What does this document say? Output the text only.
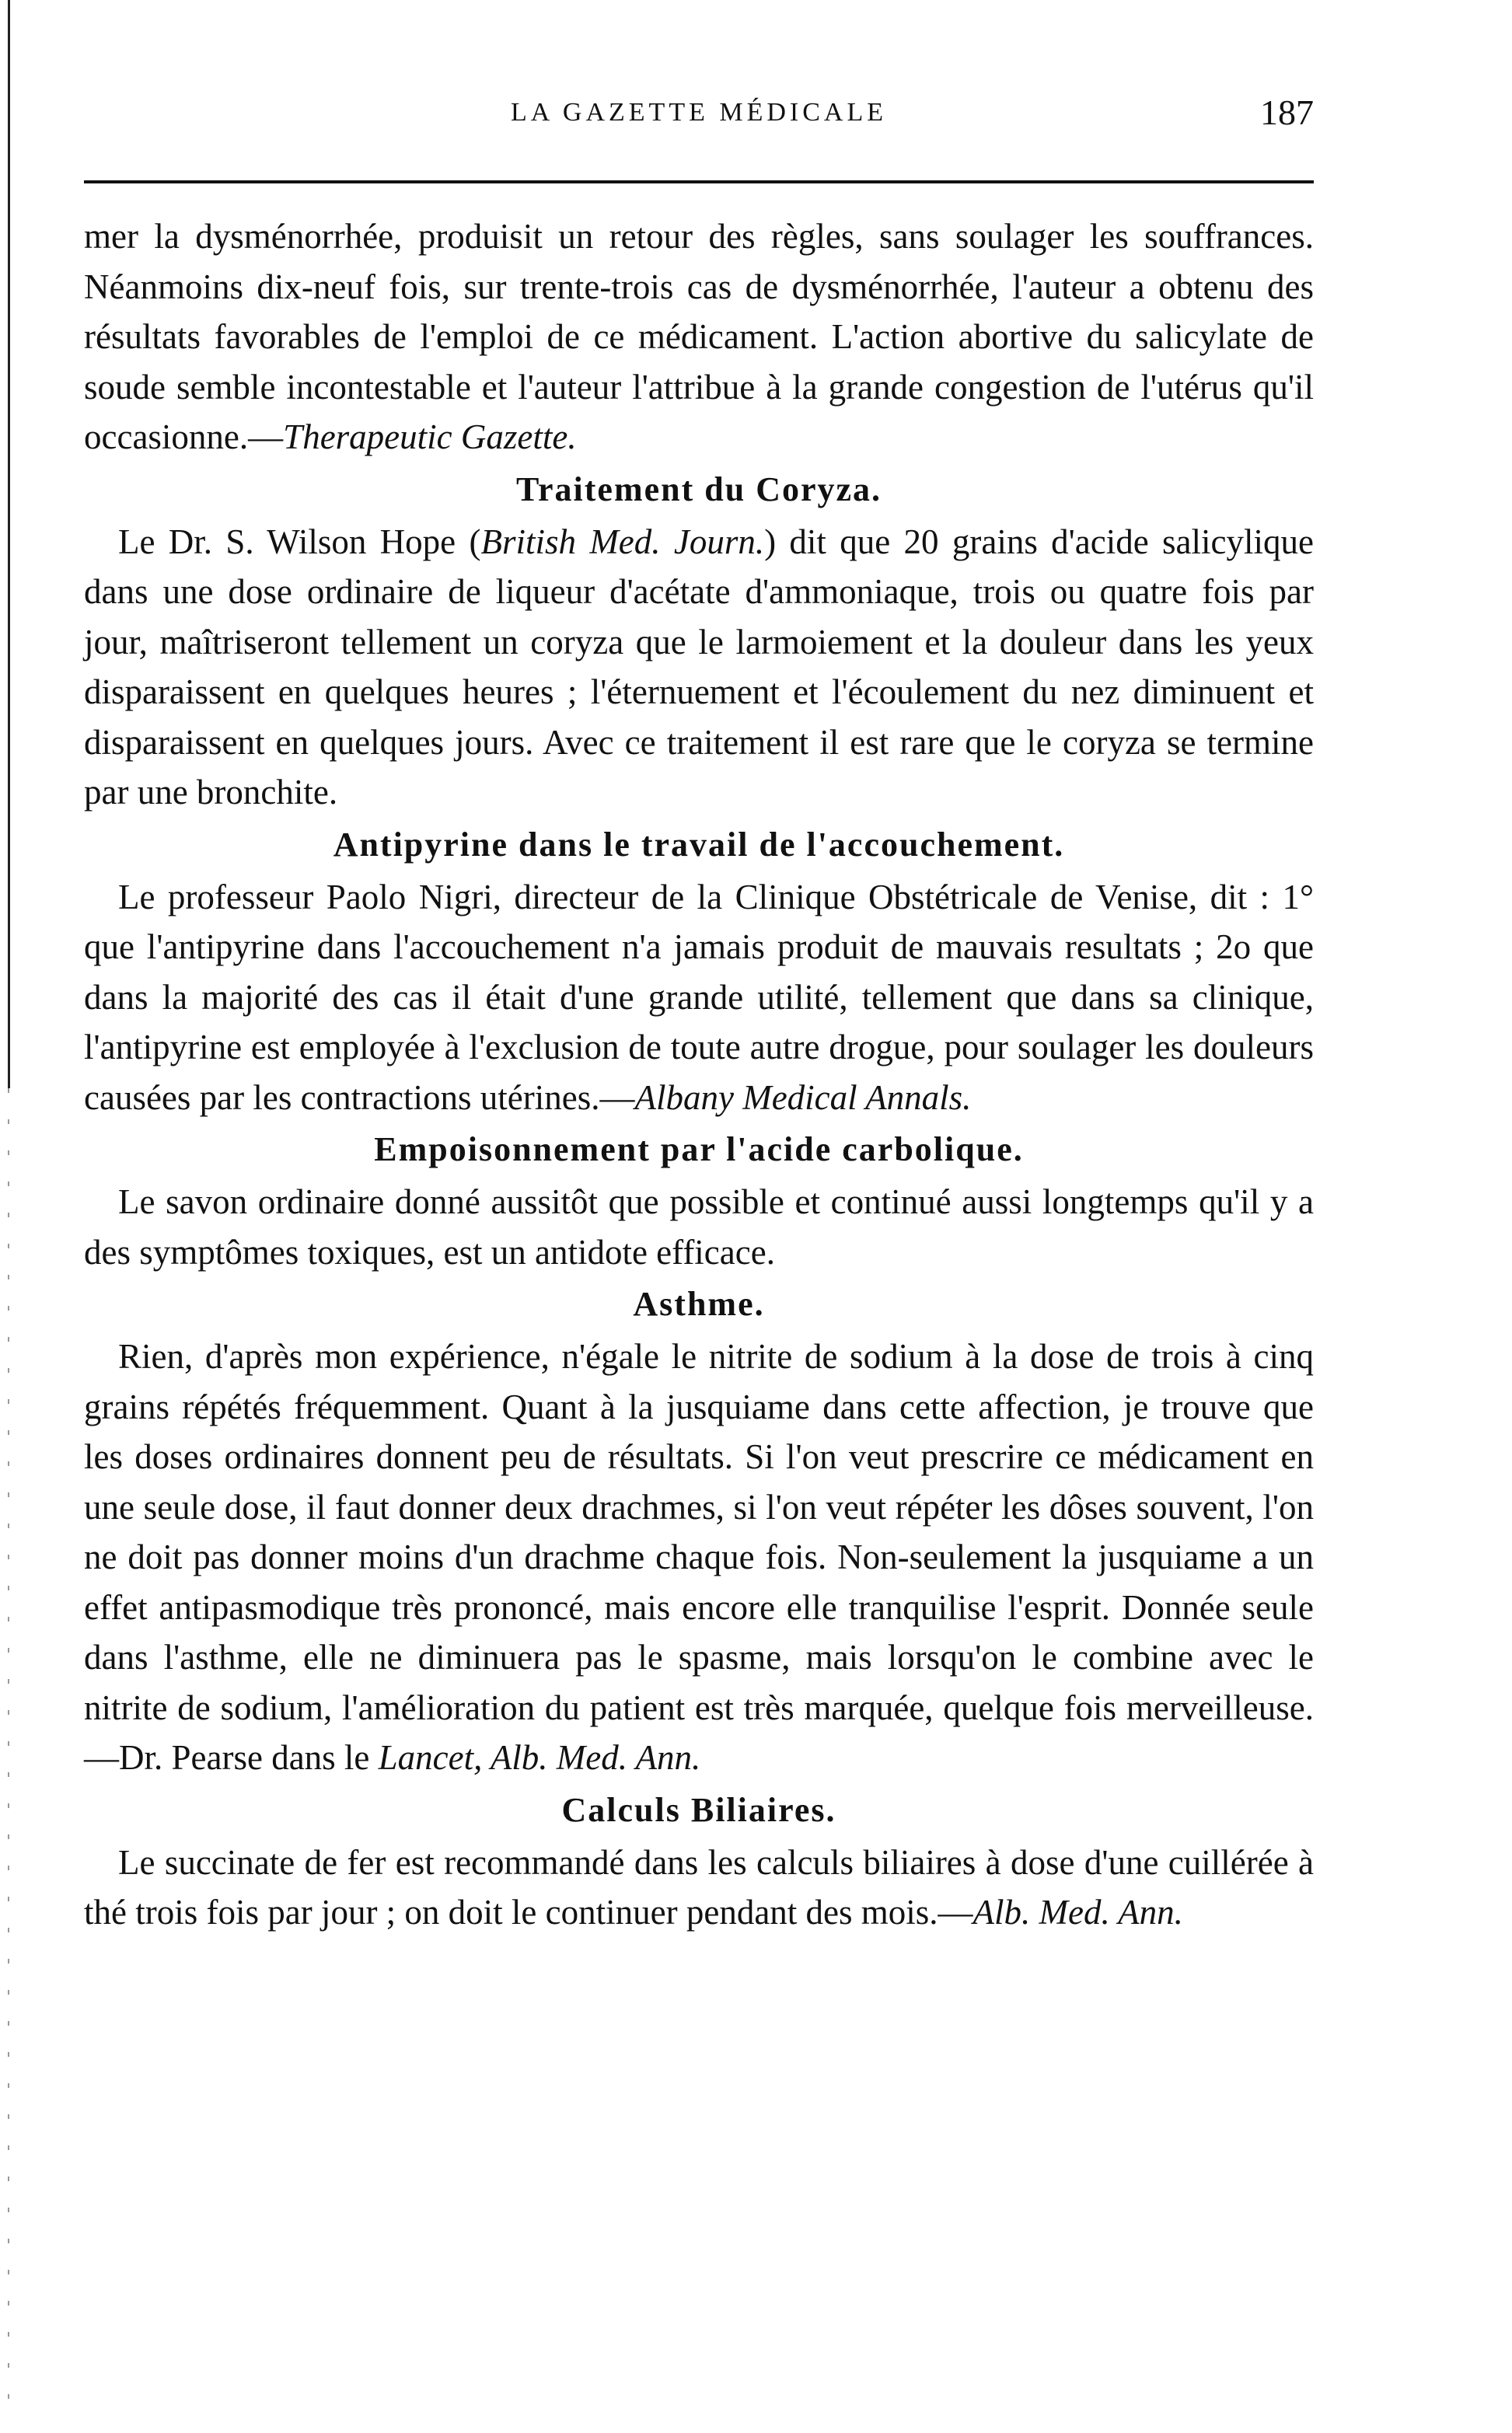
LA GAZETTE MÉDICALE	187

mer la dysménorrhée, produisit un retour des règles, sans soulager les souffrances. Néanmoins dix-neuf fois, sur trente-trois cas de dysménorrhée, l'auteur a obtenu des résultats favorables de l'emploi de ce médicament. L'action abortive du salicylate de soude semble incontestable et l'auteur l'attribue à la grande congestion de l'utérus qu'il occasionne.—Therapeutic Gazette.

Traitement du Coryza.

Le Dr. S. Wilson Hope (British Med. Journ.) dit que 20 grains d'acide salicylique dans une dose ordinaire de liqueur d'acétate d'ammoniaque, trois ou quatre fois par jour, maîtriseront tellement un coryza que le larmoiement et la douleur dans les yeux disparaissent en quelques heures ; l'éternuement et l'écoulement du nez diminuent et disparaissent en quelques jours. Avec ce traitement il est rare que le coryza se termine par une bronchite.

Antipyrine dans le travail de l'accouchement.

Le professeur Paolo Nigri, directeur de la Clinique Obstétricale de Venise, dit : 1° que l'antipyrine dans l'accouchement n'a jamais produit de mauvais resultats ; 2o que dans la majorité des cas il était d'une grande utilité, tellement que dans sa clinique, l'antipyrine est employée à l'exclusion de toute autre drogue, pour soulager les douleurs causées par les contractions utérines.—Albany Medical Annals.

Empoisonnement par l'acide carbolique.

Le savon ordinaire donné aussitôt que possible et continué aussi longtemps qu'il y a des symptômes toxiques, est un antidote efficace.

Asthme.

Rien, d'après mon expérience, n'égale le nitrite de sodium à la dose de trois à cinq grains répétés fréquemment. Quant à la jusquiame dans cette affection, je trouve que les doses ordinaires donnent peu de résultats. Si l'on veut prescrire ce médicament en une seule dose, il faut donner deux drachmes, si l'on veut répéter les dôses souvent, l'on ne doit pas donner moins d'un drachme chaque fois. Non-seulement la jusquiame a un effet antipasmodique très prononcé, mais encore elle tranquilise l'esprit. Donnée seule dans l'asthme, elle ne diminuera pas le spasme, mais lorsqu'on le combine avec le nitrite de sodium, l'amélioration du patient est très marquée, quelque fois merveilleuse.—Dr. Pearse dans le Lancet, Alb. Med. Ann.

Calculs Biliaires.

Le succinate de fer est recommandé dans les calculs biliaires à dose d'une cuillérée à thé trois fois par jour ; on doit le continuer pendant des mois.—Alb. Med. Ann.
